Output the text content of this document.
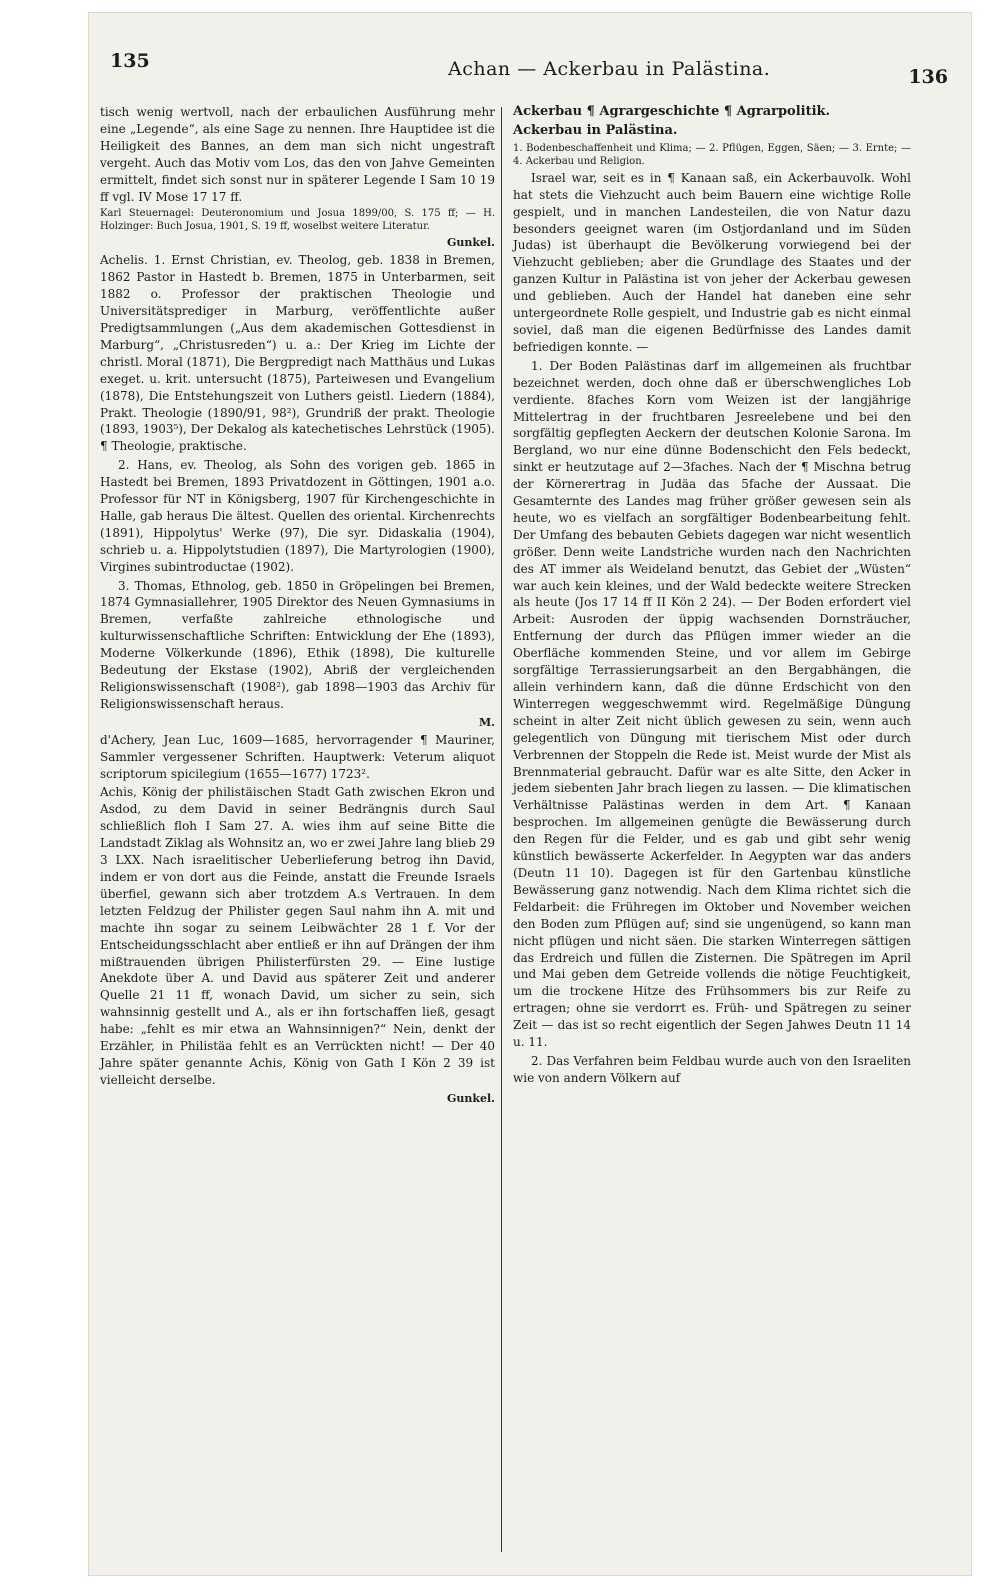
135	Achan — Ackerbau in Palästina.	136

tisch wenig wertvoll, nach der erbaulichen Ausführung mehr eine „Legende“, als eine Sage zu nennen. Ihre Hauptidee ist die Heiligkeit des Bannes, an dem man sich nicht ungestraft vergeht. Auch das Motiv vom Los, das den von Jahve Gemeinten ermittelt, findet sich sonst nur in späterer Legende I Sam 10 19 ff vgl. IV Mose 17 17 ff.

Karl Steuernagel: Deuteronomium und Josua 1899/00, S. 175 ff; — H. Holzinger: Buch Josua, 1901, S. 19 ff, woselbst weitere Literatur.

Gunkel.

Achelis. 1. Ernst Christian, ev. Theolog, geb. 1838 in Bremen, 1862 Pastor in Hastedt b. Bremen, 1875 in Unterbarmen, seit 1882 o. Professor der praktischen Theologie und Universitätsprediger in Marburg, veröffentlichte außer Predigtsammlungen („Aus dem akademischen Gottesdienst in Marburg“, „Christusreden“) u. a.: Der Krieg im Lichte der christl. Moral (1871), Die Bergpredigt nach Matthäus und Lukas exeget. u. krit. untersucht (1875), Parteiwesen und Evangelium (1878), Die Entstehungszeit von Luthers geistl. Liedern (1884), Prakt. Theologie (1890/91, 98²), Grundriß der prakt. Theologie (1893, 1903⁵), Der Dekalog als katechetisches Lehrstück (1905). ¶ Theologie, praktische.

2. Hans, ev. Theolog, als Sohn des vorigen geb. 1865 in Hastedt bei Bremen, 1893 Privatdozent in Göttingen, 1901 a.o. Professor für NT in Königsberg, 1907 für Kirchengeschichte in Halle, gab heraus Die ältest. Quellen des oriental. Kirchenrechts (1891), Hippolytus' Werke (97), Die syr. Didaskalia (1904), schrieb u. a. Hippolytstudien (1897), Die Martyrologien (1900), Virgines subintroductae (1902).

3. Thomas, Ethnolog, geb. 1850 in Gröpelingen bei Bremen, 1874 Gymnasiallehrer, 1905 Direktor des Neuen Gymnasiums in Bremen, verfaßte zahlreiche ethnologische und kulturwissenschaftliche Schriften: Entwicklung der Ehe (1893), Moderne Völkerkunde (1896), Ethik (1898), Die kulturelle Bedeutung der Ekstase (1902), Abriß der vergleichenden Religionswissenschaft (1908²), gab 1898—1903 das Archiv für Religionswissenschaft heraus.

M.

d'Achery, Jean Luc, 1609—1685, hervorragender ¶ Mauriner, Sammler vergessener Schriften. Hauptwerk: Veterum aliquot scriptorum spicilegium (1655—1677) 1723².

Achis, König der philistäischen Stadt Gath zwischen Ekron und Asdod, zu dem David in seiner Bedrängnis durch Saul schließlich floh I Sam 27. A. wies ihm auf seine Bitte die Landstadt Ziklag als Wohnsitz an, wo er zwei Jahre lang blieb 29 3 LXX. Nach israelitischer Ueberlieferung betrog ihn David, indem er von dort aus die Feinde, anstatt die Freunde Israels überfiel, gewann sich aber trotzdem A.s Vertrauen. In dem letzten Feldzug der Philister gegen Saul nahm ihn A. mit und machte ihn sogar zu seinem Leibwächter 28 1 f. Vor der Entscheidungsschlacht aber entließ er ihn auf Drängen der ihm mißtrauenden übrigen Philisterfürsten 29. — Eine lustige Anekdote über A. und David aus späterer Zeit und anderer Quelle 21 11 ff, wonach David, um sicher zu sein, sich wahnsinnig gestellt und A., als er ihn fortschaffen ließ, gesagt habe: „fehlt es mir etwa an Wahnsinnigen?“ Nein, denkt der Erzähler, in Philistäa fehlt es an Verrückten nicht! — Der 40 Jahre später genannte Achis, König von Gath I Kön 2 39 ist vielleicht derselbe.

Gunkel.

Ackerbau ¶ Agrargeschichte ¶ Agrarpolitik.

Ackerbau in Palästina.

1. Bodenbeschaffenheit und Klima; — 2. Pflügen, Eggen, Säen; — 3. Ernte; — 4. Ackerbau und Religion.

Israel war, seit es in ¶ Kanaan saß, ein Ackerbauvolk. Wohl hat stets die Viehzucht auch beim Bauern eine wichtige Rolle gespielt, und in manchen Landesteilen, die von Natur dazu besonders geeignet waren (im Ostjordanland und im Süden Judas) ist überhaupt die Bevölkerung vorwiegend bei der Viehzucht geblieben; aber die Grundlage des Staates und der ganzen Kultur in Palästina ist von jeher der Ackerbau gewesen und geblieben. Auch der Handel hat daneben eine sehr untergeordnete Rolle gespielt, und Industrie gab es nicht einmal soviel, daß man die eigenen Bedürfnisse des Landes damit befriedigen konnte. —

1. Der Boden Palästinas darf im allgemeinen als fruchtbar bezeichnet werden, doch ohne daß er überschwengliches Lob verdiente. 8faches Korn vom Weizen ist der langjährige Mittelertrag in der fruchtbaren Jesreelebene und bei den sorgfältig gepflegten Aeckern der deutschen Kolonie Sarona. Im Bergland, wo nur eine dünne Bodenschicht den Fels bedeckt, sinkt er heutzutage auf 2—3faches. Nach der ¶ Mischna betrug der Körnerertrag in Judäa das 5fache der Aussaat. Die Gesamternte des Landes mag früher größer gewesen sein als heute, wo es vielfach an sorgfältiger Bodenbearbeitung fehlt. Der Umfang des bebauten Gebiets dagegen war nicht wesentlich größer. Denn weite Landstriche wurden nach den Nachrichten des AT immer als Weideland benutzt, das Gebiet der „Wüsten“ war auch kein kleines, und der Wald bedeckte weitere Strecken als heute (Jos 17 14 ff II Kön 2 24). — Der Boden erfordert viel Arbeit: Ausroden der üppig wachsenden Dornsträucher, Entfernung der durch das Pflügen immer wieder an die Oberfläche kommenden Steine, und vor allem im Gebirge sorgfältige Terrassierungsarbeit an den Bergabhängen, die allein verhindern kann, daß die dünne Erdschicht von den Winterregen weggeschwemmt wird. Regelmäßige Düngung scheint in alter Zeit nicht üblich gewesen zu sein, wenn auch gelegentlich von Düngung mit tierischem Mist oder durch Verbrennen der Stoppeln die Rede ist. Meist wurde der Mist als Brennmaterial gebraucht. Dafür war es alte Sitte, den Acker in jedem siebenten Jahr brach liegen zu lassen. — Die klimatischen Verhältnisse Palästinas werden in dem Art. ¶ Kanaan besprochen. Im allgemeinen genügte die Bewässerung durch den Regen für die Felder, und es gab und gibt sehr wenig künstlich bewässerte Ackerfelder. In Aegypten war das anders (Deutn 11 10). Dagegen ist für den Gartenbau künstliche Bewässerung ganz notwendig. Nach dem Klima richtet sich die Feldarbeit: die Frühregen im Oktober und November weichen den Boden zum Pflügen auf; sind sie ungenügend, so kann man nicht pflügen und nicht säen. Die starken Winterregen sättigen das Erdreich und füllen die Zisternen. Die Spätregen im April und Mai geben dem Getreide vollends die nötige Feuchtigkeit, um die trockene Hitze des Frühsommers bis zur Reife zu ertragen; ohne sie verdorrt es. Früh- und Spätregen zu seiner Zeit — das ist so recht eigentlich der Segen Jahwes Deutn 11 14 u. 11.

2. Das Verfahren beim Feldbau wurde auch von den Israeliten wie von andern Völkern auf
